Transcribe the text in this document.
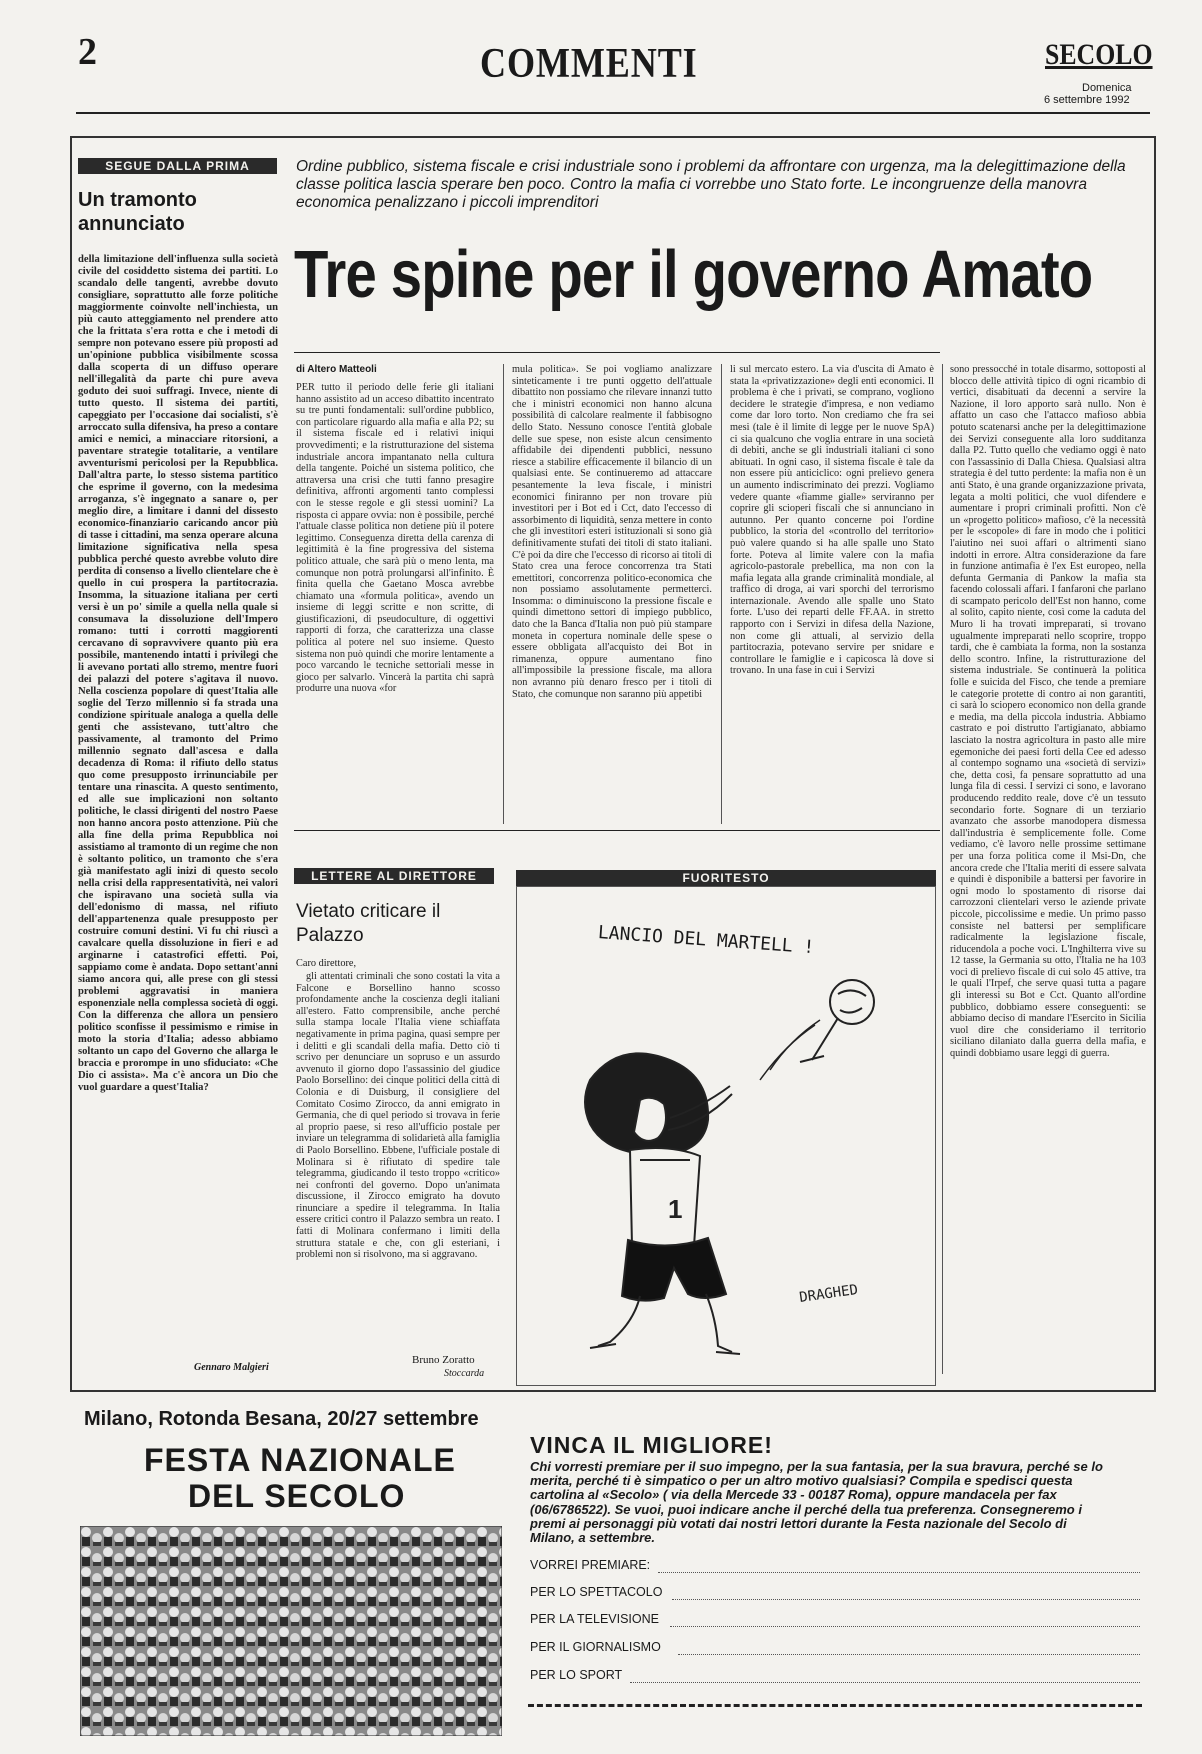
2	COMMENTI	SECOLO
Domenica
6 settembre 1992
SEGUE DALLA PRIMA
Un tramonto annunciato
della limitazione dell'influenza sulla società civile del cosiddetto sistema dei partiti. Lo scandalo delle tangenti, avrebbe dovuto consigliare, soprattutto alle forze politiche maggiormente coinvolte nell'inchiesta, un più cauto atteggiamento nel prendere atto che la frittata s'era rotta e che i metodi di sempre non potevano essere più proposti ad un'opinione pubblica visibilmente scossa dalla scoperta di un diffuso operare nell'illegalità da parte chi pure aveva goduto dei suoi suffragi. Invece, niente di tutto questo. Il sistema dei partiti, capeggiato per l'occasione dai socialisti, s'è arroccato sulla difensiva, ha preso a contare amici e nemici, a minacciare ritorsioni, a paventare strategie totalitarie, a ventilare avventurismi pericolosi per la Repubblica. Dall'altra parte, lo stesso sistema partitico che esprime il governo, con la medesima arroganza, s'è ingegnato a sanare o, per meglio dire, a limitare i danni del dissesto economico-finanziario caricando ancor più di tasse i cittadini, ma senza operare alcuna limitazione significativa nella spesa pubblica perché questo avrebbe voluto dire perdita di consenso a livello clientelare che è quello in cui prospera la partitocrazia. Insomma, la situazione italiana per certi versi è un po' simile a quella nella quale si consumava la dissoluzione dell'Impero romano: tutti i corrotti maggiorenti cercavano di sopravvivere quanto più era possibile, mantenendo intatti i privilegi che li avevano portati allo stremo, mentre fuori dei palazzi del potere s'agitava il nuovo. Nella coscienza popolare di quest'Italia alle soglie del Terzo millennio si fa strada una condizione spirituale analoga a quella delle genti che assistevano, tutt'altro che passivamente, al tramonto del Primo millennio segnato dall'ascesa e dalla decadenza di Roma: il rifiuto dello status quo come presupposto irrinunciabile per tentare una rinascita. A questo sentimento, ed alle sue implicazioni non soltanto politiche, le classi dirigenti del nostro Paese non hanno ancora posto attenzione. Più che alla fine della prima Repubblica noi assistiamo al tramonto di un regime che non è soltanto politico, un tramonto che s'era già manifestato agli inizi di questo secolo nella crisi della rappresentatività, nei valori che ispiravano una società sulla via dell'edonismo di massa, nel rifiuto dell'appartenenza quale presupposto per costruire comuni destini. Vi fu chi riuscì a cavalcare quella dissoluzione in fieri e ad arginarne i catastrofici effetti. Poi, sappiamo come è andata. Dopo settant'anni siamo ancora qui, alle prese con gli stessi problemi aggravatisi in maniera esponenziale nella complessa società di oggi. Con la differenza che allora un pensiero politico sconfisse il pessimismo e rimise in moto la storia d'Italia; adesso abbiamo soltanto un capo del Governo che allarga le braccia e prorompe in uno sfiduciato: «Che Dio ci assista». Ma c'è ancora un Dio che vuol guardare a quest'Italia?
Gennaro Malgieri
Ordine pubblico, sistema fiscale e crisi industriale sono i problemi da affrontare con urgenza, ma la delegittimazione della classe politica lascia sperare ben poco. Contro la mafia ci vorrebbe uno Stato forte. Le incongruenze della manovra economica penalizzano i piccoli imprenditori
Tre spine per il governo Amato
di Altero Matteoli
PER tutto il periodo delle ferie gli italiani hanno assistito ad un acceso dibattito incentrato su tre punti fondamentali: sull'ordine pubblico, con particolare riguardo alla mafia e alla P2; su il sistema fiscale ed i relativi iniqui provvedimenti; e la ristrutturazione del sistema industriale ancora impantanato nella cultura della tangente. Poiché un sistema politico, che attraversa una crisi che tutti fanno presagire definitiva, affronti argomenti tanto complessi con le stesse regole e gli stessi uomini? La risposta ci appare ovvia: non è possibile, perché l'attuale classe politica non detiene più il potere legittimo. Conseguenza diretta della carenza di legittimità è la fine progressiva del sistema politico attuale, che sarà più o meno lenta, ma comunque non potrà prolungarsi all'infinito. È finita quella che Gaetano Mosca avrebbe chiamato una «formula politica», avendo un insieme di leggi scritte e non scritte, di giustificazioni, di pseudoculture, di oggettivi rapporti di forza, che caratterizza una classe politica al potere nel suo insieme. Questo sistema non può quindi che morire lentamente a poco varcando le tecniche settoriali messe in gioco per salvarlo. Vincerà la partita chi saprà produrre una nuova «for
mula politica». Se poi vogliamo analizzare sinteticamente i tre punti oggetto dell'attuale dibattito non possiamo che rilevare innanzi tutto che i ministri economici non hanno alcuna possibilità di calcolare realmente il fabbisogno dello Stato. Nessuno conosce l'entità globale delle sue spese, non esiste alcun censimento affidabile dei dipendenti pubblici, nessuno riesce a stabilire efficacemente il bilancio di un qualsiasi ente. Se continueremo ad attaccare pesantemente la leva fiscale, i ministri economici finiranno per non trovare più investitori per i Bot ed i Cct, dato l'eccesso di assorbimento di liquidità, senza mettere in conto che gli investitori esteri istituzionali si sono già definitivamente stufati dei titoli di stato italiani. C'è poi da dire che l'eccesso di ricorso ai titoli di Stato crea una feroce concorrenza tra Stati emettitori, concorrenza politico-economica che non possiamo assolutamente permetterci. Insomma: o diminuiscono la pressione fiscale e quindi dimettono settori di impiego pubblico, dato che la Banca d'Italia non può più stampare moneta in copertura nominale delle spese o essere obbligata all'acquisto dei Bot in rimanenza, oppure aumentano fino all'impossibile la pressione fiscale, ma allora non avranno più denaro fresco per i titoli di Stato, che comunque non saranno più appetibi
li sul mercato estero. La via d'uscita di Amato è stata la «privatizzazione» degli enti economici. Il problema è che i privati, se comprano, vogliono decidere le strategie d'impresa, e non vediamo come dar loro torto. Non crediamo che fra sei mesi (tale è il limite di legge per le nuove SpA) ci sia qualcuno che voglia entrare in una società di debiti, anche se gli industriali italiani ci sono abituati. In ogni caso, il sistema fiscale è tale da non essere più anticiclico: ogni prelievo genera un aumento indiscriminato dei prezzi. Vogliamo vedere quante «fiamme gialle» serviranno per coprire gli scioperi fiscali che si annunciano in autunno. Per quanto concerne poi l'ordine pubblico, la storia del «controllo del territorio» può valere quando si ha alle spalle uno Stato forte. Poteva al limite valere con la mafia agricolo-pastorale prebellica, ma non con la mafia legata alla grande criminalità mondiale, al traffico di droga, ai vari sporchi del terrorismo internazionale. Avendo alle spalle uno Stato forte. L'uso dei reparti delle FF.AA. in stretto rapporto con i Servizi in difesa della Nazione, non come gli attuali, al servizio della partitocrazia, potevano servire per snidare e controllare le famiglie e i capicosca là dove si trovano. In una fase in cui i Servizi
sono pressocché in totale disarmo, sottoposti al blocco delle attività tipico di ogni ricambio di vertici, disabituati da decenni a servire la Nazione, il loro apporto sarà nullo. Non è affatto un caso che l'attacco mafioso abbia potuto scatenarsi anche per la delegittimazione dei Servizi conseguente alla loro sudditanza dalla P2. Tutto quello che vediamo oggi è nato con l'assassinio di Dalla Chiesa. Qualsiasi altra strategia è del tutto perdente: la mafia non è un anti Stato, è una grande organizzazione privata, legata a molti politici, che vuol difendere e aumentare i propri criminali profitti. Non c'è un «progetto politico» mafioso, c'è la necessità per le «scopole» di fare in modo che i politici l'aiutino nei suoi affari o altrimenti siano indotti in errore. Altra considerazione da fare in funzione antimafia è l'ex Est europeo, nella defunta Germania di Pankow la mafia sta facendo colossali affari. I fanfaroni che parlano di scampato pericolo dell'Est non hanno, come al solito, capito niente, così come la caduta del Muro li ha trovati impreparati, si trovano ugualmente impreparati nello scoprire, troppo tardi, che è cambiata la forma, non la sostanza dello scontro. Infine, la ristrutturazione del sistema industriale. Se continuerà la politica folle e suicida del Fisco, che tende a premiare le categorie protette di contro ai non garantiti, ci sarà lo sciopero economico non della grande e media, ma della piccola industria. Abbiamo castrato e poi distrutto l'artigianato, abbiamo lasciato la nostra agricoltura in pasto alle mire egemoniche dei paesi forti della Cee ed adesso al contempo sognamo una «società di servizi» che, detta così, fa pensare soprattutto ad una lunga fila di cessi. I servizi ci sono, e lavorano producendo reddito reale, dove c'è un tessuto secondario forte. Sognare di un terziario avanzato che assorbe manodopera dismessa dall'industria è semplicemente folle. Come vediamo, c'è lavoro nelle prossime settimane per una forza politica come il Msi-Dn, che ancora crede che l'Italia meriti di essere salvata e quindi è disponibile a battersi per favorire in ogni modo lo spostamento di risorse dai carrozzoni clientelari verso le aziende private piccole, piccolissime e medie. Un primo passo consiste nel battersi per semplificare radicalmente la legislazione fiscale, riducendola a poche voci. L'Inghilterra vive su 12 tasse, la Germania su otto, l'Italia ne ha 103 voci di prelievo fiscale di cui solo 45 attive, tra le quali l'Irpef, che serve quasi tutta a pagare gli interessi su Bot e Cct. Quanto all'ordine pubblico, dobbiamo essere conseguenti: se abbiamo deciso di mandare l'Esercito in Sicilia vuol dire che consideriamo il territorio siciliano dilaniato dalla guerra della mafia, e quindi dobbiamo usare leggi di guerra.
LETTERE AL DIRETTORE
Vietato criticare il Palazzo
Caro direttore,
gli attentati criminali che sono costati la vita a Falcone e Borsellino hanno scosso profondamente anche la coscienza degli italiani all'estero. Fatto comprensibile, anche perché sulla stampa locale l'Italia viene schiaffata negativamente in prima pagina, quasi sempre per i delitti e gli scandali della mafia. Detto ciò ti scrivo per denunciare un sopruso e un assurdo avvenuto il giorno dopo l'assassinio del giudice Paolo Borsellino: dei cinque politici della città di Colonia e di Duisburg, il consigliere del Comitato Cosimo Zirocco, da anni emigrato in Germania, che di quel periodo si trovava in ferie al proprio paese, si reso all'ufficio postale per inviare un telegramma di solidarietà alla famiglia di Paolo Borsellino. Ebbene, l'ufficiale postale di Molinara si è rifiutato di spedire tale telegramma, giudicando il testo troppo «critico» nei confronti del governo. Dopo un'animata discussione, il Zirocco emigrato ha dovuto rinunciare a spedire il telegramma. In Italia essere critici contro il Palazzo sembra un reato. I fatti di Molinara confermano i limiti della struttura statale e che, con gli esteriani, i problemi non si risolvono, ma si aggravano.
Bruno Zoratto
Stoccarda
FUORITESTO
LANCIO DEL MARTELL !
1
DRAGHED
Milano, Rotonda Besana, 20/27 settembre
FESTA NAZIONALE
DEL SECOLO
VINCA IL MIGLIORE!
Chi vorresti premiare per il suo impegno, per la sua fantasia, per la sua bravura, perché se lo merita, perché ti è simpatico o per un altro motivo qualsiasi? Compila e spedisci questa cartolina al «Secolo» ( via della Mercede 33 - 00187 Roma), oppure mandacela per fax (06/6786522). Se vuoi, puoi indicare anche il perché della tua preferenza. Consegneremo i premi ai personaggi più votati dai nostri lettori durante la Festa nazionale del Secolo di Milano, a settembre.
VORREI PREMIARE:
PER LO SPETTACOLO
PER LA TELEVISIONE
PER IL GIORNALISMO
PER LO SPORT
